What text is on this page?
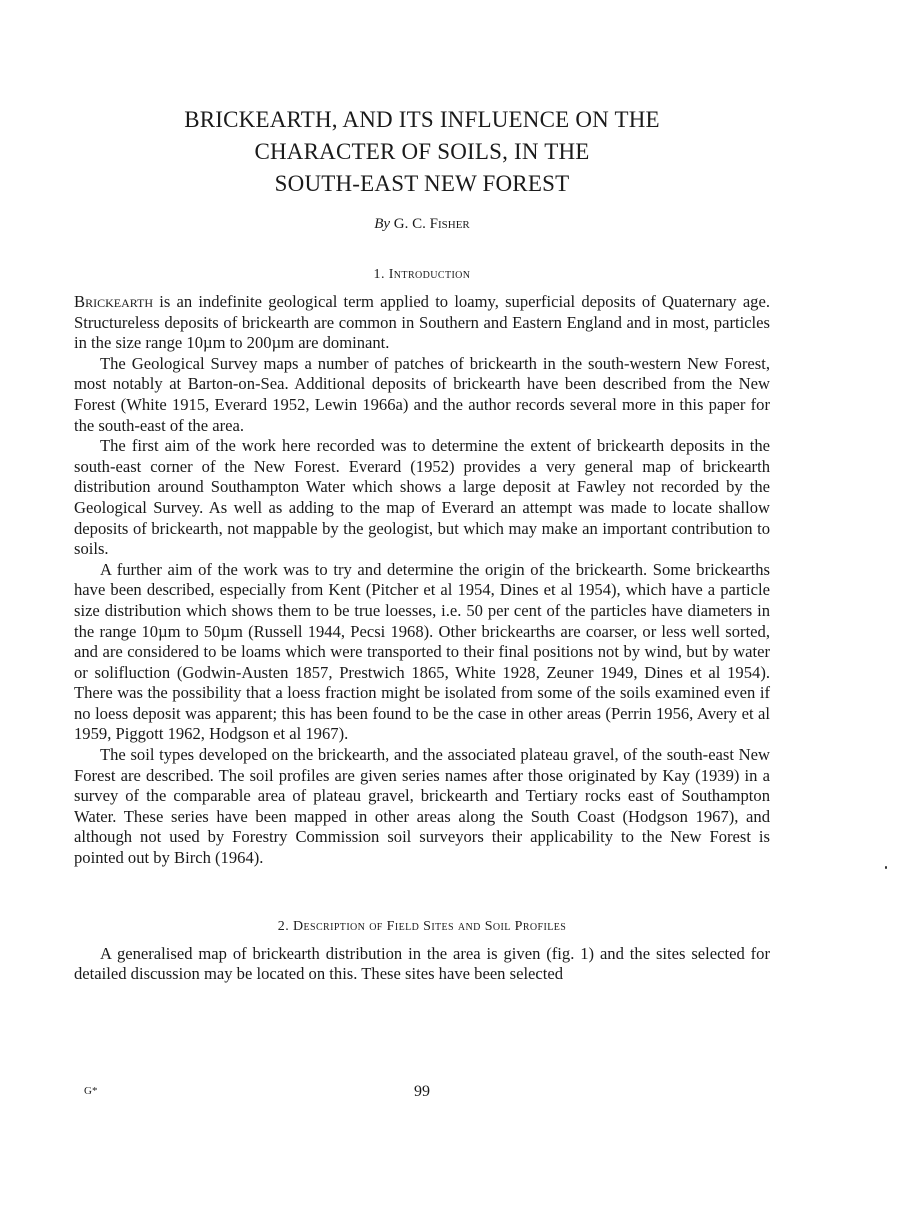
BRICKEARTH, AND ITS INFLUENCE ON THE
CHARACTER OF SOILS, IN THE
SOUTH-EAST NEW FOREST
By G. C. Fisher
1. Introduction

Brickearth is an indefinite geological term applied to loamy, superficial deposits of Quaternary age. Structureless deposits of brickearth are common in Southern and Eastern England and in most, particles in the size range 10µm to 200µm are dominant.

The Geological Survey maps a number of patches of brickearth in the south-western New Forest, most notably at Barton-on-Sea. Additional deposits of brickearth have been described from the New Forest (White 1915, Everard 1952, Lewin 1966a) and the author records several more in this paper for the south-east of the area.

The first aim of the work here recorded was to determine the extent of brickearth deposits in the south-east corner of the New Forest. Everard (1952) provides a very general map of brickearth distribution around Southampton Water which shows a large deposit at Fawley not recorded by the Geological Survey. As well as adding to the map of Everard an attempt was made to locate shallow deposits of brickearth, not mappable by the geologist, but which may make an important contribution to soils.

A further aim of the work was to try and determine the origin of the brickearth. Some brickearths have been described, especially from Kent (Pitcher et al 1954, Dines et al 1954), which have a particle size distribution which shows them to be true loesses, i.e. 50 per cent of the particles have diameters in the range 10µm to 50µm (Russell 1944, Pecsi 1968). Other brickearths are coarser, or less well sorted, and are considered to be loams which were transported to their final positions not by wind, but by water or solifluction (Godwin-Austen 1857, Prestwich 1865, White 1928, Zeuner 1949, Dines et al 1954). There was the possibility that a loess fraction might be isolated from some of the soils examined even if no loess deposit was apparent; this has been found to be the case in other areas (Perrin 1956, Avery et al 1959, Piggott 1962, Hodgson et al 1967).

The soil types developed on the brickearth, and the associated plateau gravel, of the south-east New Forest are described. The soil profiles are given series names after those originated by Kay (1939) in a survey of the comparable area of plateau gravel, brickearth and Tertiary rocks east of Southampton Water. These series have been mapped in other areas along the South Coast (Hodgson 1967), and although not used by Forestry Commission soil surveyors their applicability to the New Forest is pointed out by Birch (1964).

2. Description of Field Sites and Soil Profiles

A generalised map of brickearth distribution in the area is given (fig. 1) and the sites selected for detailed discussion may be located on this. These sites have been selected

G*	99
